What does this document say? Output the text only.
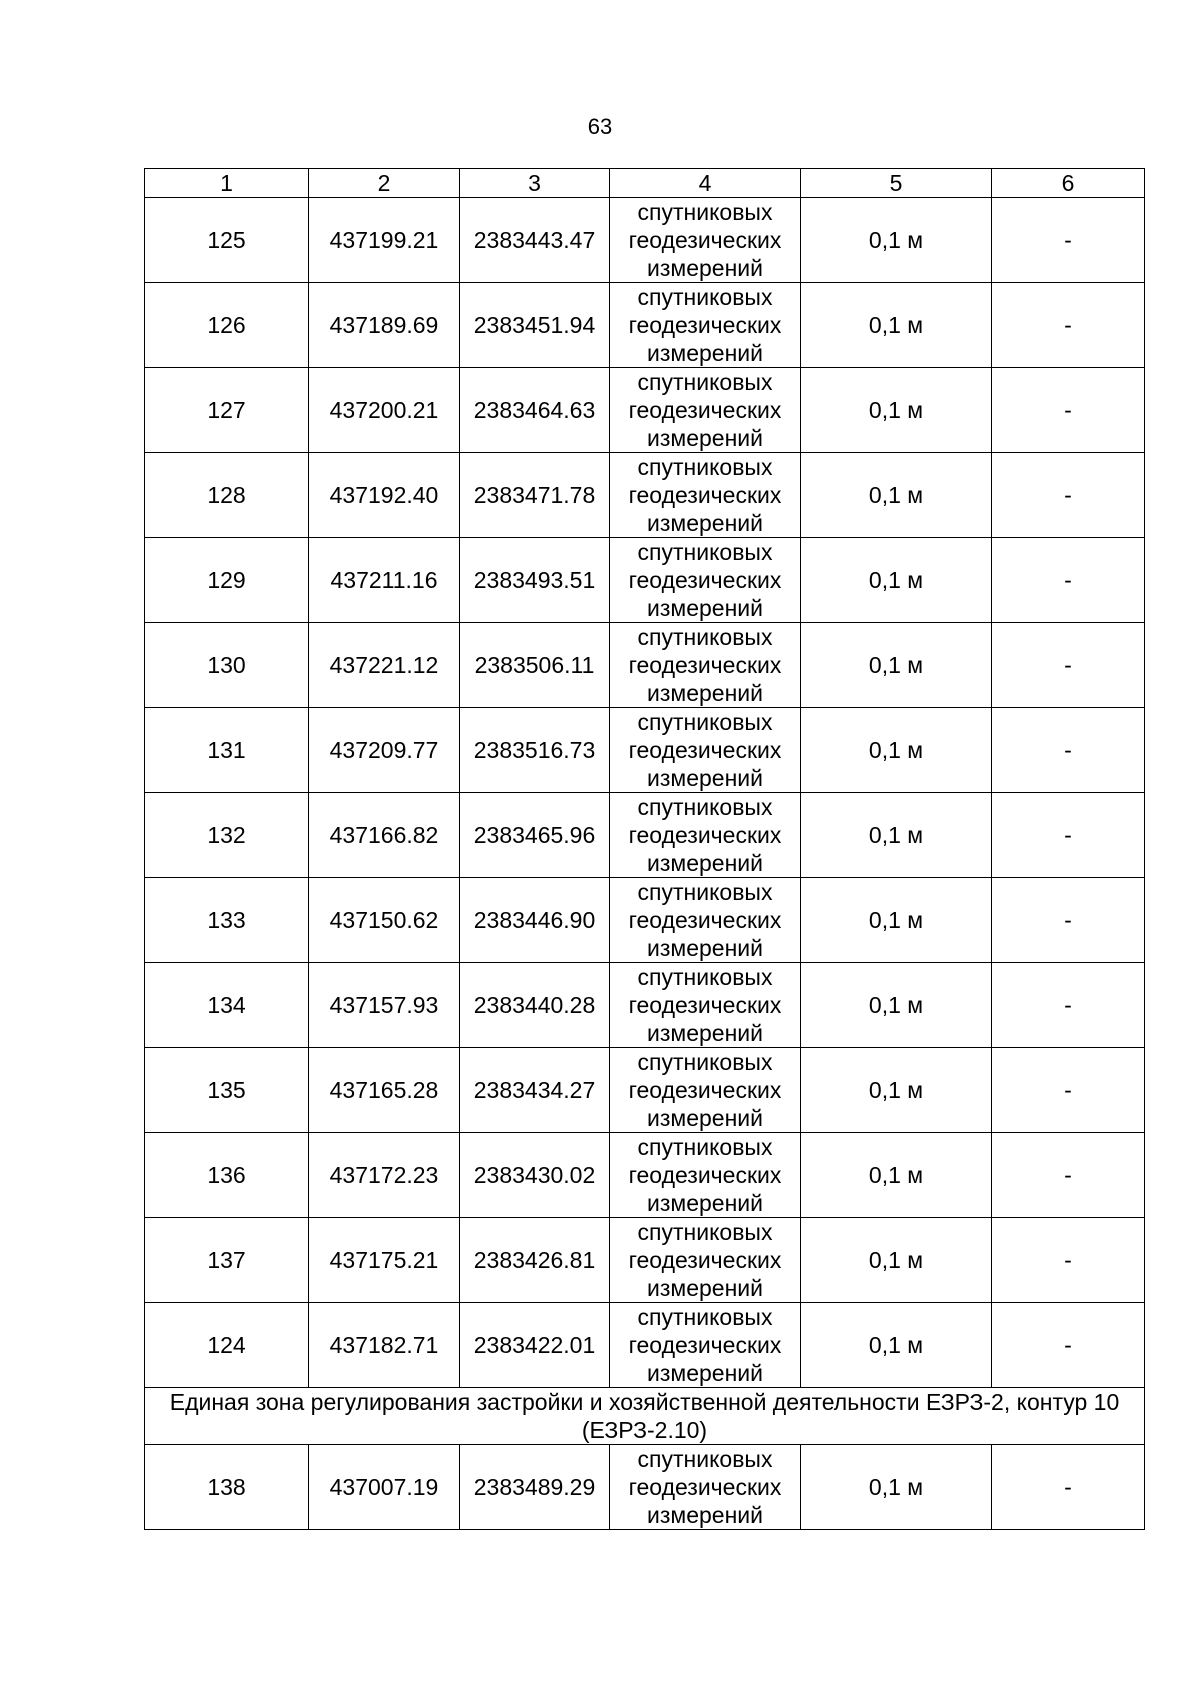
63
1	2	3	4	5	6
125	437199.21	2383443.47	спутниковых геодезических измерений	0,1 м	-
126	437189.69	2383451.94	спутниковых геодезических измерений	0,1 м	-
127	437200.21	2383464.63	спутниковых геодезических измерений	0,1 м	-
128	437192.40	2383471.78	спутниковых геодезических измерений	0,1 м	-
129	437211.16	2383493.51	спутниковых геодезических измерений	0,1 м	-
130	437221.12	2383506.11	спутниковых геодезических измерений	0,1 м	-
131	437209.77	2383516.73	спутниковых геодезических измерений	0,1 м	-
132	437166.82	2383465.96	спутниковых геодезических измерений	0,1 м	-
133	437150.62	2383446.90	спутниковых геодезических измерений	0,1 м	-
134	437157.93	2383440.28	спутниковых геодезических измерений	0,1 м	-
135	437165.28	2383434.27	спутниковых геодезических измерений	0,1 м	-
136	437172.23	2383430.02	спутниковых геодезических измерений	0,1 м	-
137	437175.21	2383426.81	спутниковых геодезических измерений	0,1 м	-
124	437182.71	2383422.01	спутниковых геодезических измерений	0,1 м	-
Единая зона регулирования застройки и хозяйственной деятельности ЕЗРЗ-2, контур 10 (ЕЗРЗ-2.10)					
138	437007.19	2383489.29	спутниковых геодезических измерений	0,1 м	-
